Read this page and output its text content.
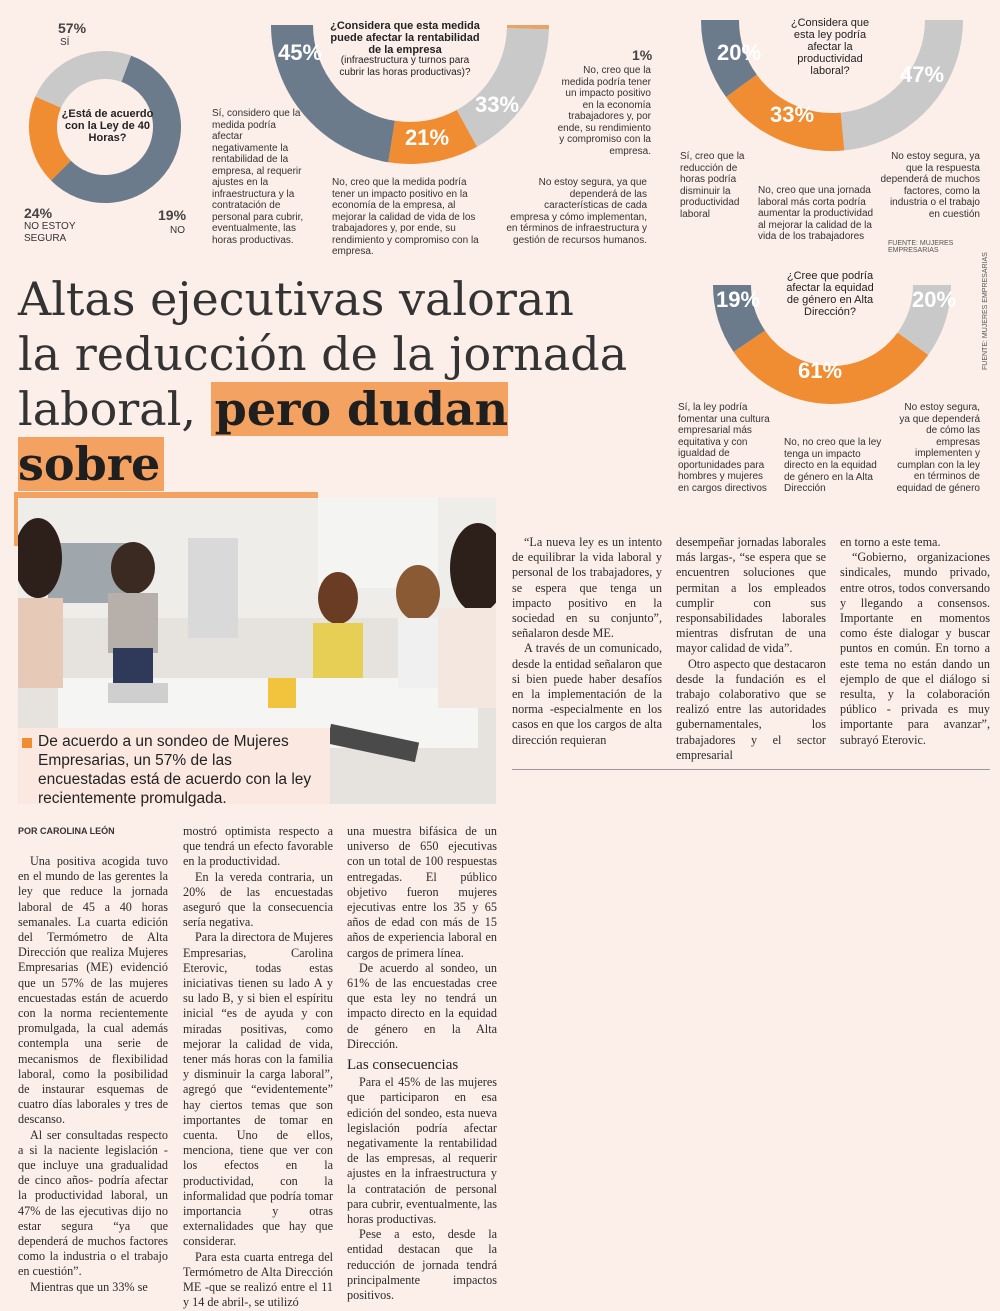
¿Está de acuerdo con la Ley de 40 Horas?
57%
SÍ
24%
NO ESTOY
SEGURA
19%
NO
¿Considera que esta medida
puede afectar la rentabilidad
de la empresa
(infraestructura y turnos para
cubrir las horas productivas)?
45%
21%
33%
1%
Sí, considero que la medida podría afectar negativamente la rentabilidad de la empresa, al requerir ajustes en la infraestructura y la contratación de personal para cubrir, eventualmente, las horas productivas.
No, creo que la medida podría tener un impacto positivo en la economía de la empresa, al mejorar la calidad de vida de los trabajadores y, por ende, su rendimiento y compromiso con la empresa.
No estoy segura, ya que dependerá de las características de cada empresa y cómo implementan, en términos de infraestructura y gestión de recursos humanos.
No, creo que la medida podría tener un impacto positivo en la economía trabajadores y, por ende, su rendimiento y compromiso con la empresa.
¿Considera que esta ley podría afectar la productividad laboral?
20%
33%
47%
Sí, creo que la reducción de horas podría disminuir la productividad laboral
No, creo que una jornada laboral más corta podría aumentar la productividad al mejorar la calidad de la vida de los trabajadores
No estoy segura, ya que la respuesta dependerá de muchos factores, como la industria o el trabajo en cuestión
FUENTE: MUJERES EMPRESARIAS
¿Cree que podría afectar la equidad de género en Alta Dirección?
19%
61%
20%
Sí, la ley podría fomentar una cultura empresarial más equitativa y con igualdad de oportunidades para hombres y mujeres en cargos directivos
No, no creo que la ley tenga un impacto directo en la equidad de género en la Alta Dirección
No estoy segura, ya que dependerá de cómo las empresas implementen y cumplan con la ley en términos de equidad de género
FUENTE: MUJERES EMPRESARIAS
Altas ejecutivas valoran
la reducción de la jornada
laboral, pero dudan sobre
De acuerdo a un sondeo de Mujeres Empresarias, un 57% de las encuestadas está de acuerdo con la ley recientemente promulgada.

“La nueva ley es un intento de equilibrar la vida laboral y personal de los trabajadores, y se espera que tenga un impacto positivo en la sociedad en su conjunto”, señalaron desde ME.

A través de un comunicado, desde la entidad señalaron que si bien puede haber desafíos en la implementación de la norma -especialmente en los casos en que los cargos de alta dirección requieran

desempeñar jornadas laborales más largas-, “se espera que se encuentren soluciones que permitan a los empleados cumplir con sus responsabilidades laborales mientras disfrutan de una mayor calidad de vida”.

Otro aspecto que destacaron desde la fundación es el trabajo colaborativo que se realizó entre las autoridades gubernamentales, los trabajadores y el sector empresarial

en torno a este tema.

“Gobierno, organizaciones sindicales, mundo privado, entre otros, todos conversando y llegando a consensos. Importante en momentos como éste dialogar y buscar puntos en común. En torno a este tema no están dando un ejemplo de que el diálogo si resulta, y la colaboración público - privada es muy importante para avanzar”, subrayó Eterovic.

POR CAROLINA LEÓN

Una positiva acogida tuvo en el mundo de las gerentes la ley que reduce la jornada laboral de 45 a 40 horas semanales. La cuarta edición del Termómetro de Alta Dirección que realiza Mujeres Empresarias (ME) evidenció que un 57% de las mujeres encuestadas están de acuerdo con la norma recientemente promulgada, la cual además contempla una serie de mecanismos de flexibilidad laboral, como la posibilidad de instaurar esquemas de cuatro días laborales y tres de descanso.

Al ser consultadas respecto a si la naciente legislación -que incluye una gradualidad de cinco años- podría afectar la productividad laboral, un 47% de las ejecutivas dijo no estar segura “ya que dependerá de muchos factores como la industria o el trabajo en cuestión”.

Mientras que un 33% se

mostró optimista respecto a que tendrá un efecto favorable en la productividad.

En la vereda contraria, un 20% de las encuestadas aseguró que la consecuencia sería negativa.

Para la directora de Mujeres Empresarias, Carolina Eterovic, todas estas iniciativas tienen su lado A y su lado B, y si bien el espíritu inicial “es de ayuda y con miradas positivas, como mejorar la calidad de vida, tener más horas con la familia y disminuir la carga laboral”, agregó que “evidentemente” hay ciertos temas que son importantes de tomar en cuenta. Uno de ellos, menciona, tiene que ver con los efectos en la productividad, con la informalidad que podría tomar importancia y otras externalidades que hay que considerar.

Para esta cuarta entrega del Termómetro de Alta Dirección ME -que se realizó entre el 11 y 14 de abril-, se utilizó

una muestra bifásica de un universo de 650 ejecutivas con un total de 100 respuestas entregadas. El público objetivo fueron mujeres ejecutivas entre los 35 y 65 años de edad con más de 15 años de experiencia laboral en cargos de primera línea.

De acuerdo al sondeo, un 61% de las encuestadas cree que esta ley no tendrá un impacto directo en la equidad de género en la Alta Dirección.

Las consecuencias

Para el 45% de las mujeres que participaron en esa edición del sondeo, esta nueva legislación podría afectar negativamente la rentabilidad de las empresas, al requerir ajustes en la infraestructura y la contratación de personal para cubrir, eventualmente, las horas productivas.

Pese a esto, desde la entidad destacan que la reducción de jornada tendrá principalmente impactos positivos.
